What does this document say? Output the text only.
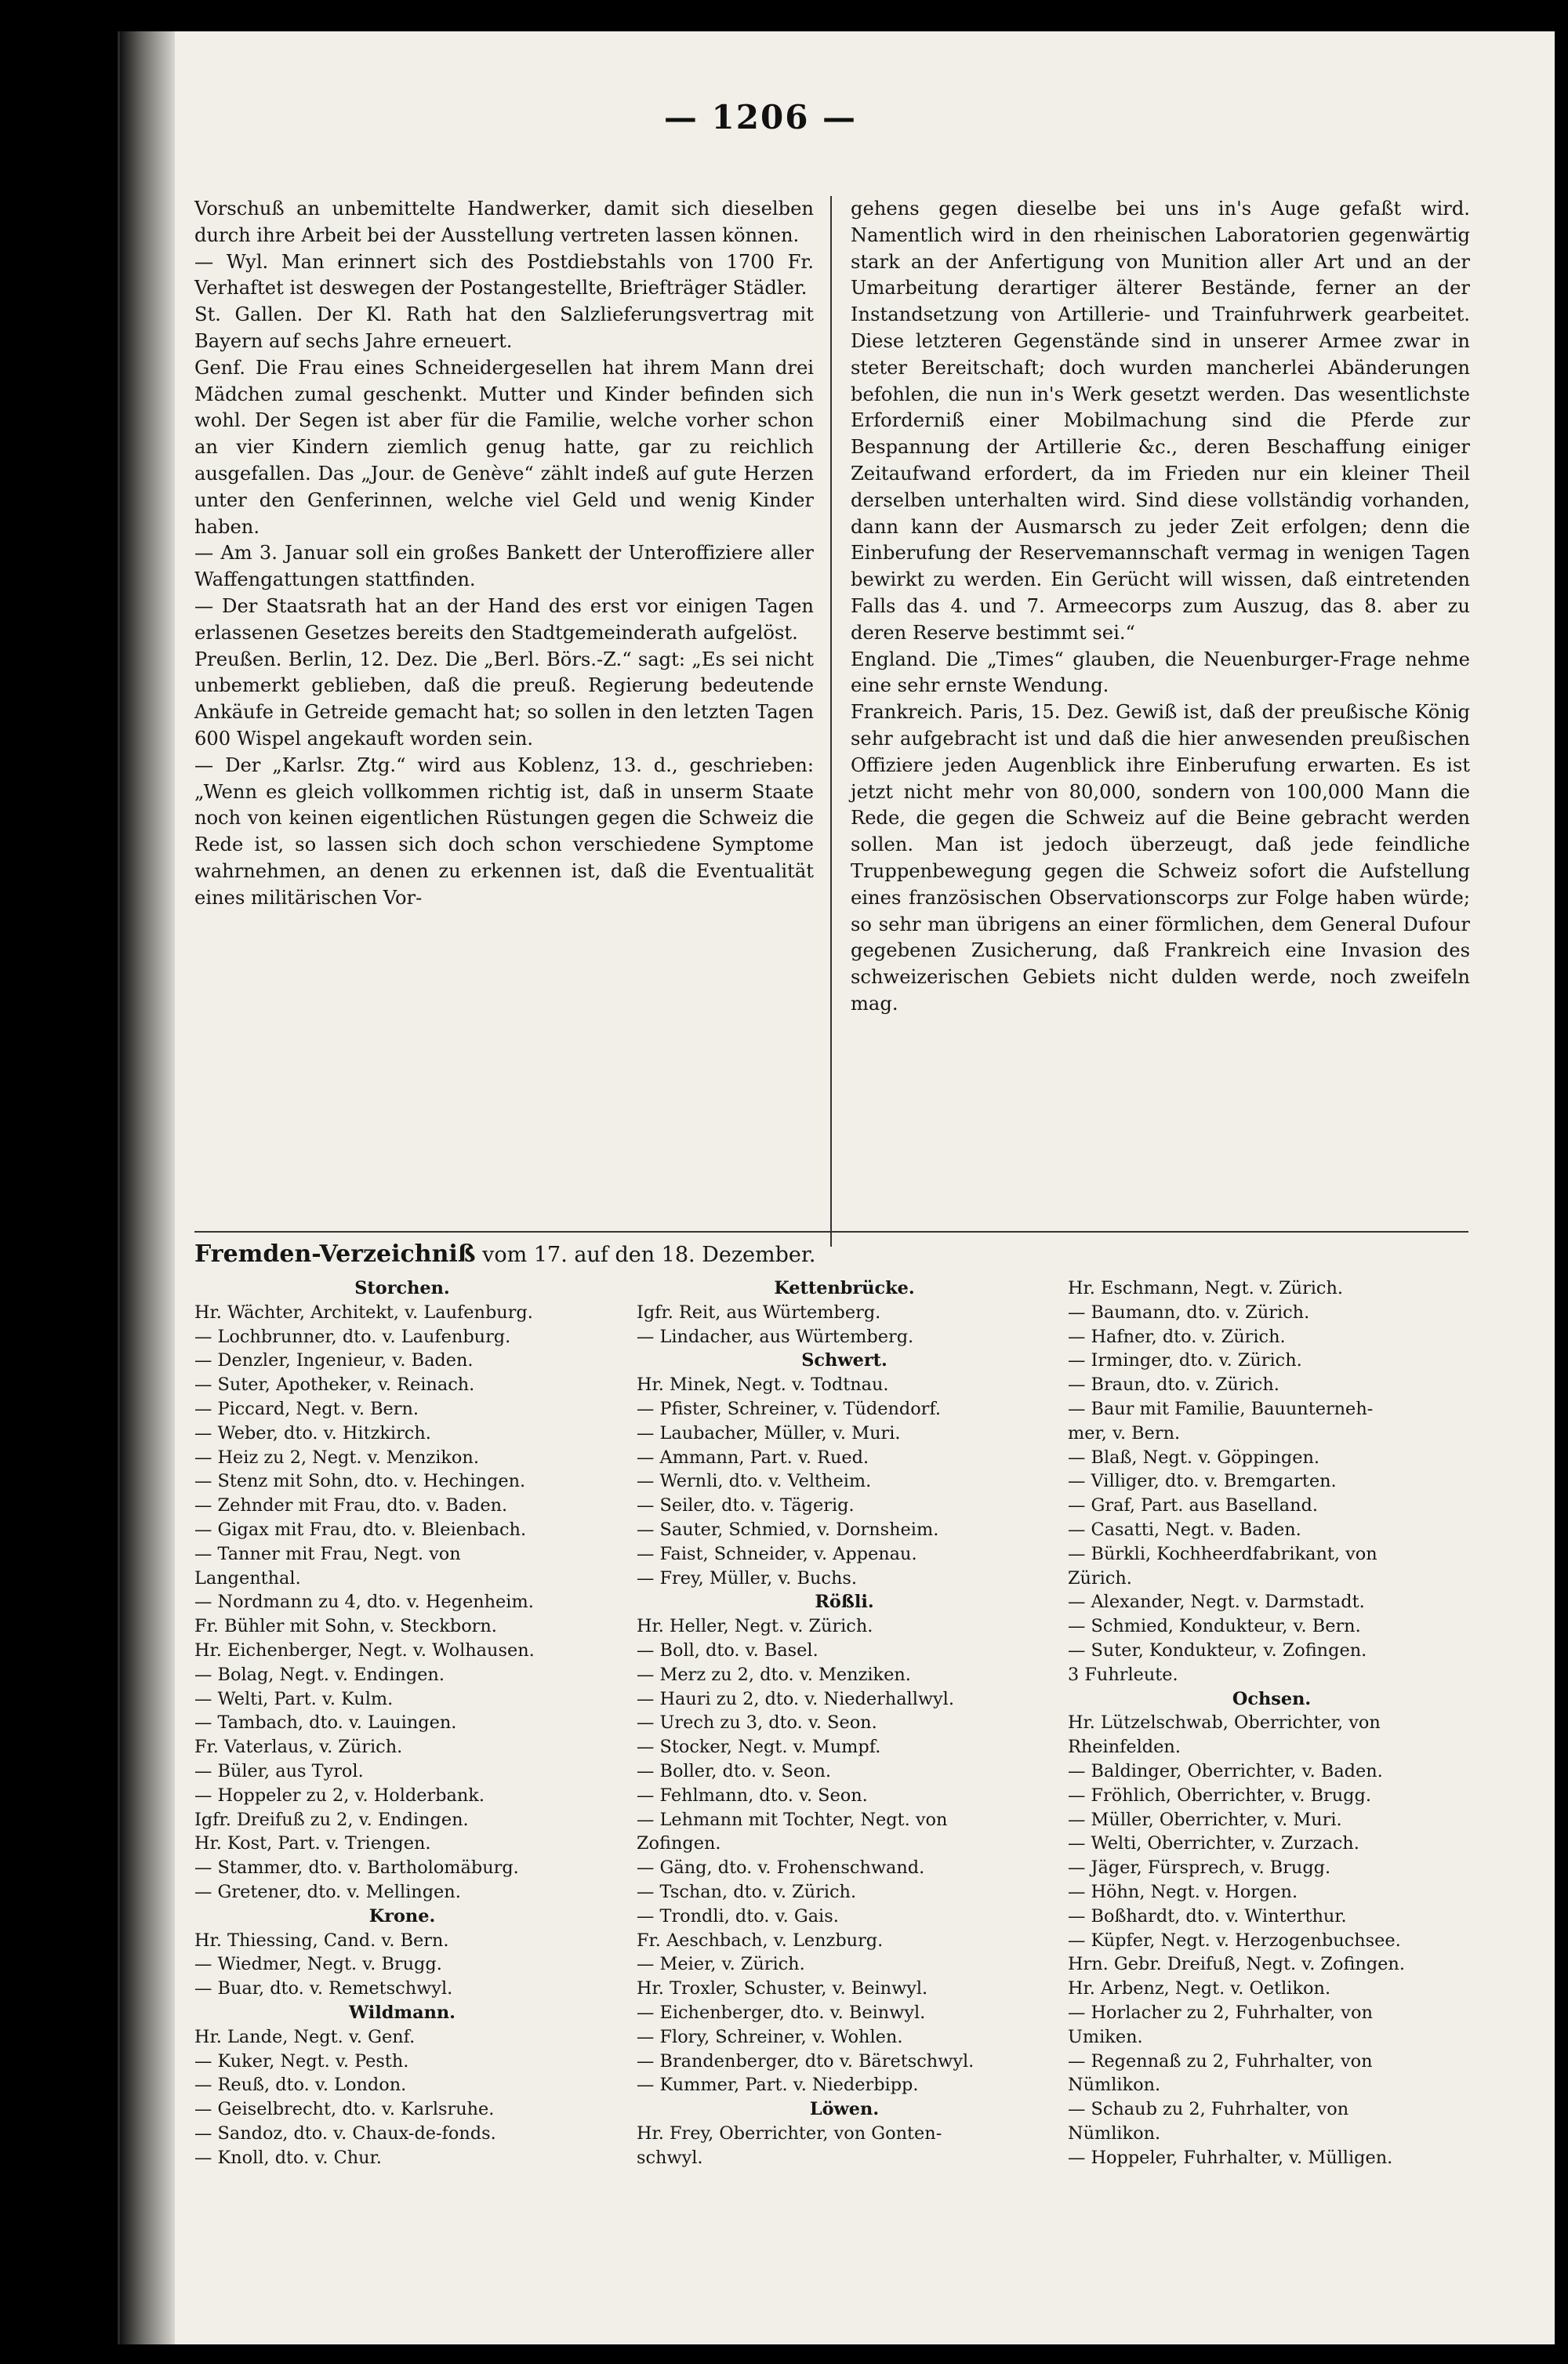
— 1206 —

Vorschuß an unbemittelte Handwerker, damit sich dieselben durch ihre Arbeit bei der Ausstellung vertreten lassen können.

— Wyl. Man erinnert sich des Postdiebstahls von 1700 Fr. Verhaftet ist deswegen der Postangestellte, Briefträger Städler.

St. Gallen. Der Kl. Rath hat den Salzlieferungsvertrag mit Bayern auf sechs Jahre erneuert.

Genf. Die Frau eines Schneidergesellen hat ihrem Mann drei Mädchen zumal geschenkt. Mutter und Kinder befinden sich wohl. Der Segen ist aber für die Familie, welche vorher schon an vier Kindern ziemlich genug hatte, gar zu reichlich ausgefallen. Das „Jour. de Genève“ zählt indeß auf gute Herzen unter den Genferinnen, welche viel Geld und wenig Kinder haben.

— Am 3. Januar soll ein großes Bankett der Unteroffiziere aller Waffengattungen stattfinden.

— Der Staatsrath hat an der Hand des erst vor einigen Tagen erlassenen Gesetzes bereits den Stadtgemeinderath aufgelöst.

Preußen. Berlin, 12. Dez. Die „Berl. Börs.-Z.“ sagt: „Es sei nicht unbemerkt geblieben, daß die preuß. Regierung bedeutende Ankäufe in Getreide gemacht hat; so sollen in den letzten Tagen 600 Wispel angekauft worden sein.

— Der „Karlsr. Ztg.“ wird aus Koblenz, 13. d., geschrieben: „Wenn es gleich vollkommen richtig ist, daß in unserm Staate noch von keinen eigentlichen Rüstungen gegen die Schweiz die Rede ist, so lassen sich doch schon verschiedene Symptome wahrnehmen, an denen zu erkennen ist, daß die Eventualität eines militärischen Vor-

gehens gegen dieselbe bei uns in's Auge gefaßt wird. Namentlich wird in den rheinischen Laboratorien gegenwärtig stark an der Anfertigung von Munition aller Art und an der Umarbeitung derartiger älterer Bestände, ferner an der Instandsetzung von Artillerie- und Trainfuhrwerk gearbeitet. Diese letzteren Gegenstände sind in unserer Armee zwar in steter Bereitschaft; doch wurden mancherlei Abänderungen befohlen, die nun in's Werk gesetzt werden. Das wesentlichste Erforderniß einer Mobilmachung sind die Pferde zur Bespannung der Artillerie &c., deren Beschaffung einiger Zeitaufwand erfordert, da im Frieden nur ein kleiner Theil derselben unterhalten wird. Sind diese vollständig vorhanden, dann kann der Ausmarsch zu jeder Zeit erfolgen; denn die Einberufung der Reservemannschaft vermag in wenigen Tagen bewirkt zu werden. Ein Gerücht will wissen, daß eintretenden Falls das 4. und 7. Armeecorps zum Auszug, das 8. aber zu deren Reserve bestimmt sei.“

England. Die „Times“ glauben, die Neuenburger-Frage nehme eine sehr ernste Wendung.

Frankreich. Paris, 15. Dez. Gewiß ist, daß der preußische König sehr aufgebracht ist und daß die hier anwesenden preußischen Offiziere jeden Augenblick ihre Einberufung erwarten. Es ist jetzt nicht mehr von 80,000, sondern von 100,000 Mann die Rede, die gegen die Schweiz auf die Beine gebracht werden sollen. Man ist jedoch überzeugt, daß jede feindliche Truppenbewegung gegen die Schweiz sofort die Aufstellung eines französischen Observationscorps zur Folge haben würde; so sehr man übrigens an einer förmlichen, dem General Dufour gegebenen Zusicherung, daß Frankreich eine Invasion des schweizerischen Gebiets nicht dulden werde, noch zweifeln mag.

Fremden-Verzeichniß vom 17. auf den 18. Dezember.
Storchen.
Hr. Wächter, Architekt, v. Laufenburg.
— Lochbrunner, dto. v. Laufenburg.
— Denzler, Ingenieur, v. Baden.
— Suter, Apotheker, v. Reinach.
— Piccard, Negt. v. Bern.
— Weber, dto. v. Hitzkirch.
— Heiz zu 2, Negt. v. Menzikon.
— Stenz mit Sohn, dto. v. Hechingen.
— Zehnder mit Frau, dto. v. Baden.
— Gigax mit Frau, dto. v. Bleienbach.
— Tanner mit Frau, Negt. von
Langenthal.
— Nordmann zu 4, dto. v. Hegenheim.
Fr. Bühler mit Sohn, v. Steckborn.
Hr. Eichenberger, Negt. v. Wolhausen.
— Bolag, Negt. v. Endingen.
— Welti, Part. v. Kulm.
— Tambach, dto. v. Lauingen.
Fr. Vaterlaus, v. Zürich.
— Büler, aus Tyrol.
— Hoppeler zu 2, v. Holderbank.
Igfr. Dreifuß zu 2, v. Endingen.
Hr. Kost, Part. v. Triengen.
— Stammer, dto. v. Bartholomäburg.
— Gretener, dto. v. Mellingen.
Krone.
Hr. Thiessing, Cand. v. Bern.
— Wiedmer, Negt. v. Brugg.
— Buar, dto. v. Remetschwyl.
Wildmann.
Hr. Lande, Negt. v. Genf.
— Kuker, Negt. v. Pesth.
— Reuß, dto. v. London.
— Geiselbrecht, dto. v. Karlsruhe.
— Sandoz, dto. v. Chaux-de-fonds.
— Knoll, dto. v. Chur.
Kettenbrücke.
Igfr. Reit, aus Würtemberg.
— Lindacher, aus Würtemberg.
Schwert.
Hr. Minek, Negt. v. Todtnau.
— Pfister, Schreiner, v. Tüdendorf.
— Laubacher, Müller, v. Muri.
— Ammann, Part. v. Rued.
— Wernli, dto. v. Veltheim.
— Seiler, dto. v. Tägerig.
— Sauter, Schmied, v. Dornsheim.
— Faist, Schneider, v. Appenau.
— Frey, Müller, v. Buchs.
Rößli.
Hr. Heller, Negt. v. Zürich.
— Boll, dto. v. Basel.
— Merz zu 2, dto. v. Menziken.
— Hauri zu 2, dto. v. Niederhallwyl.
— Urech zu 3, dto. v. Seon.
— Stocker, Negt. v. Mumpf.
— Boller, dto. v. Seon.
— Fehlmann, dto. v. Seon.
— Lehmann mit Tochter, Negt. von
Zofingen.
— Gäng, dto. v. Frohenschwand.
— Tschan, dto. v. Zürich.
— Trondli, dto. v. Gais.
Fr. Aeschbach, v. Lenzburg.
— Meier, v. Zürich.
Hr. Troxler, Schuster, v. Beinwyl.
— Eichenberger, dto. v. Beinwyl.
— Flory, Schreiner, v. Wohlen.
— Brandenberger, dto v. Bäretschwyl.
— Kummer, Part. v. Niederbipp.
Löwen.
Hr. Frey, Oberrichter, von Gonten-
schwyl.
Hr. Eschmann, Negt. v. Zürich.
— Baumann, dto. v. Zürich.
— Hafner, dto. v. Zürich.
— Irminger, dto. v. Zürich.
— Braun, dto. v. Zürich.
— Baur mit Familie, Bauunterneh-
mer, v. Bern.
— Blaß, Negt. v. Göppingen.
— Villiger, dto. v. Bremgarten.
— Graf, Part. aus Baselland.
— Casatti, Negt. v. Baden.
— Bürkli, Kochheerdfabrikant, von
Zürich.
— Alexander, Negt. v. Darmstadt.
— Schmied, Kondukteur, v. Bern.
— Suter, Kondukteur, v. Zofingen.
3 Fuhrleute.
Ochsen.
Hr. Lützelschwab, Oberrichter, von
Rheinfelden.
— Baldinger, Oberrichter, v. Baden.
— Fröhlich, Oberrichter, v. Brugg.
— Müller, Oberrichter, v. Muri.
— Welti, Oberrichter, v. Zurzach.
— Jäger, Fürsprech, v. Brugg.
— Höhn, Negt. v. Horgen.
— Boßhardt, dto. v. Winterthur.
— Küpfer, Negt. v. Herzogenbuchsee.
Hrn. Gebr. Dreifuß, Negt. v. Zofingen.
Hr. Arbenz, Negt. v. Oetlikon.
— Horlacher zu 2, Fuhrhalter, von
Umiken.
— Regennaß zu 2, Fuhrhalter, von
Nümlikon.
— Schaub zu 2, Fuhrhalter, von
Nümlikon.
— Hoppeler, Fuhrhalter, v. Mülligen.
